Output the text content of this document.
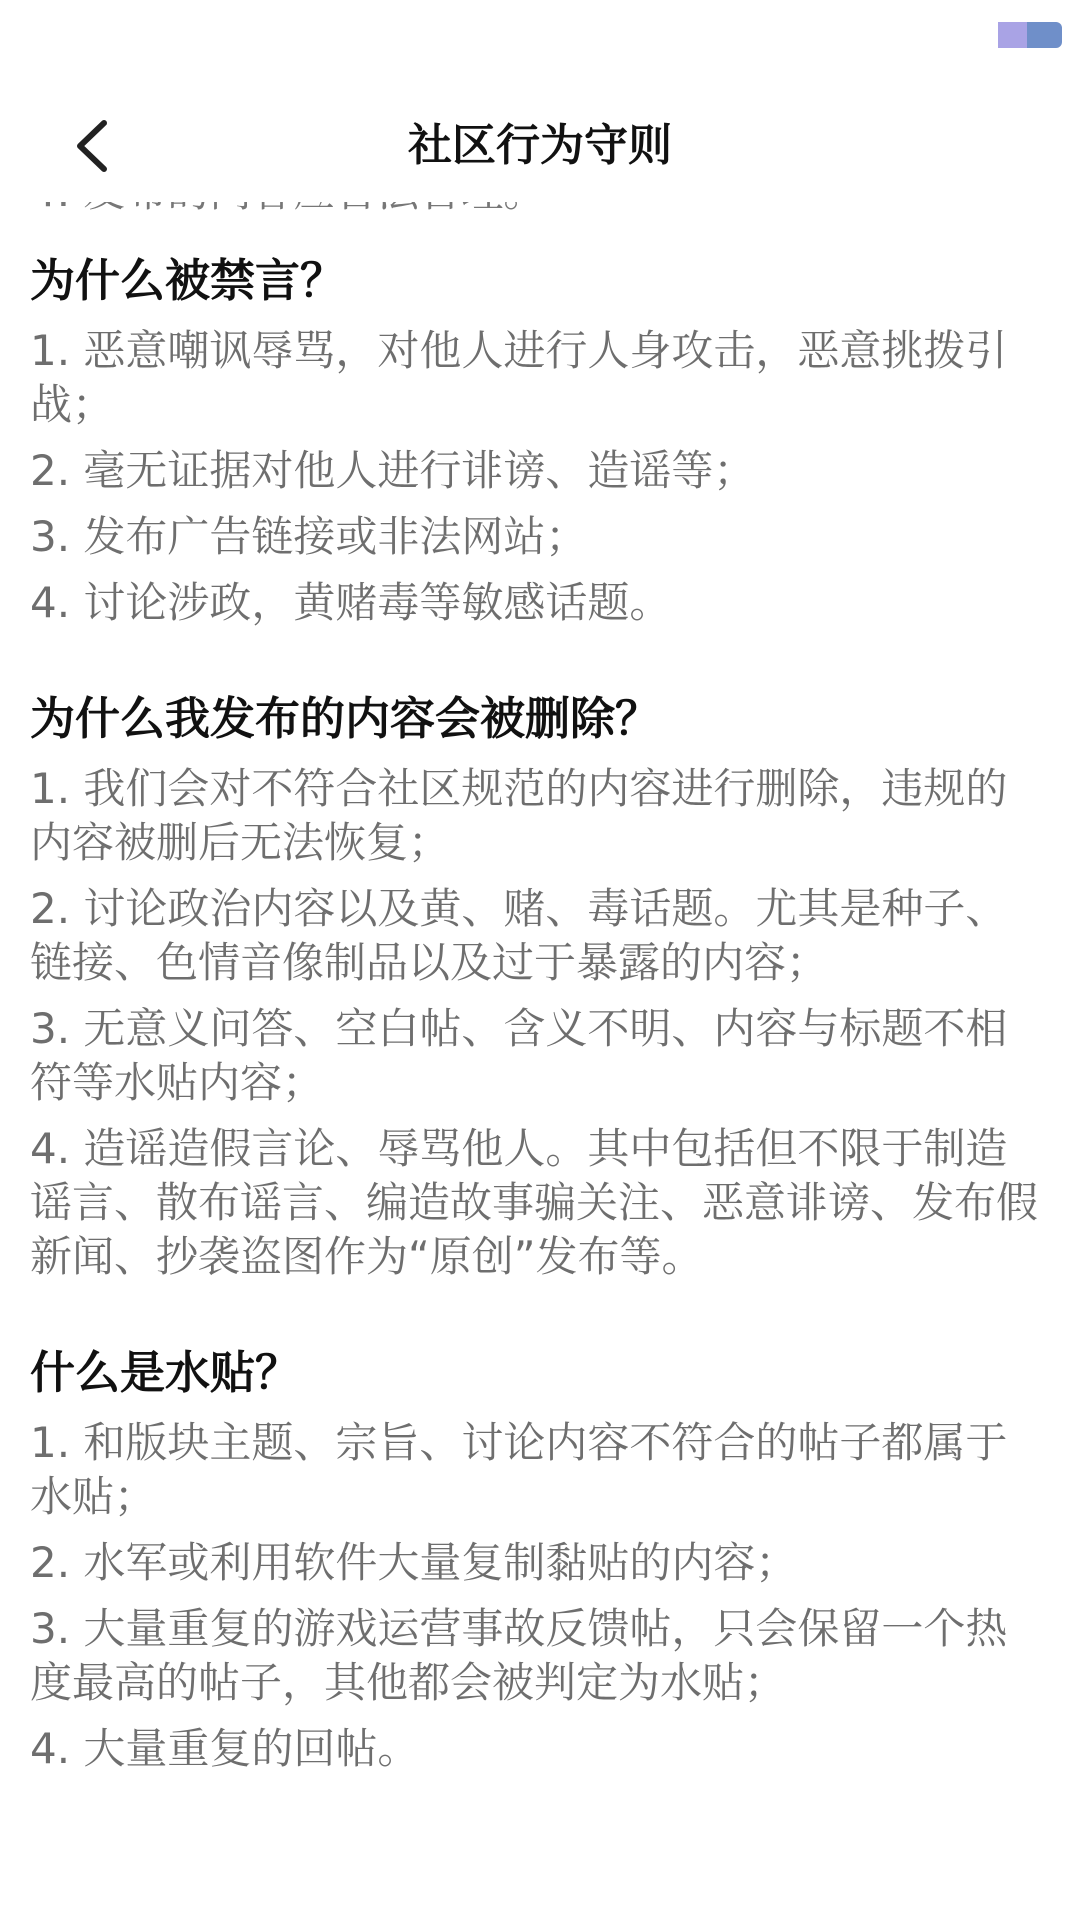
社区行为守则
为什么被禁言？

1. 恶意嘲讽辱骂，对他人进行人身攻击，恶意挑拨引战；

2. 毫无证据对他人进行诽谤、造谣等；

3. 发布广告链接或非法网站；

4. 讨论涉政，黄赌毒等敏感话题。

为什么我发布的内容会被删除？

1. 我们会对不符合社区规范的内容进行删除，违规的内容被删后无法恢复；

2. 讨论政治内容以及黄、赌、毒话题。尤其是种子、链接、色情音像制品以及过于暴露的内容；

3. 无意义问答、空白帖、含义不明、内容与标题不相符等水贴内容；

4. 造谣造假言论、辱骂他人。其中包括但不限于制造谣言、散布谣言、编造故事骗关注、恶意诽谤、发布假新闻、抄袭盗图作为“原创”发布等。

什么是水贴？

1. 和版块主题、宗旨、讨论内容不符合的帖子都属于水贴；

2. 水军或利用软件大量复制黏贴的内容；

3. 大量重复的游戏运营事故反馈帖，只会保留一个热度最高的帖子，其他都会被判定为水贴；

4. 大量重复的回帖。
